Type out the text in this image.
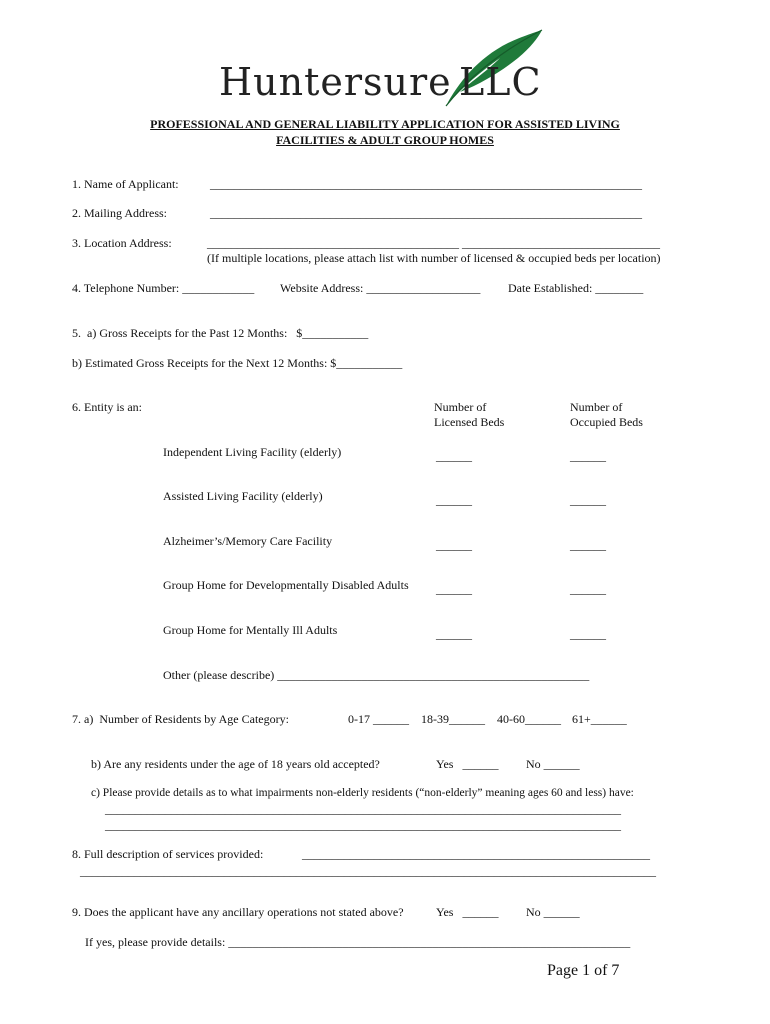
Huntersure LLC
PROFESSIONAL AND GENERAL LIABILITY APPLICATION FOR ASSISTED LIVING
FACILITIES & ADULT GROUP HOMES
1. Name of Applicant:	________________________________________________________________________
2. Mailing Address:	________________________________________________________________________
3. Location Address:	__________________________________________ _________________________________
(If multiple locations, please attach list with number of licensed & occupied beds per location)
4. Telephone Number: ____________ Website Address: ___________________ Date Established: ________
5.  a) Gross Receipts for the Past 12 Months:   $___________
b) Estimated Gross Receipts for the Next 12 Months: $___________
6. Entity is an:	Number of
Licensed Beds
Number of
Occupied Beds
Independent Living Facility (elderly)	______	______
Assisted Living Facility (elderly)	______	______
Alzheimer’s/Memory Care Facility	______	______
Group Home for Developmentally Disabled Adults ______	______
Group Home for Mentally Ill Adults	______	______
Other (please describe) ____________________________________________________
7. a)  Number of Residents by Age Category:	0-17 ______ 18-39______ 40-60______ 61+______
b) Are any residents under the age of 18 years old accepted?	Yes   ______ No ______
c) Please provide details as to what impairments non-elderly residents (“non-elderly” meaning ages 60 and less) have:
______________________________________________________________________________________
______________________________________________________________________________________
8. Full description of services provided:	__________________________________________________________
________________________________________________________________________________________________
9. Does the applicant have any ancillary operations not stated above?	Yes   ______ No ______
If yes, please provide details: ___________________________________________________________________
Page 1 of 7
